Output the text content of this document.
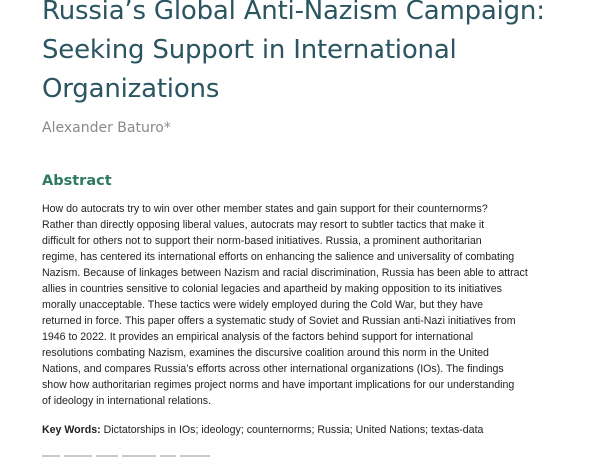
Russia’s Global Anti-Nazism Campaign:
Seeking Support in International
Organizations

Alexander Baturo*

Abstract
How do autocrats try to win over other member states and gain support for their counternorms?
Rather than directly opposing liberal values, autocrats may resort to subtler tactics that make it
difficult for others not to support their norm-based initiatives. Russia, a prominent authoritarian
regime, has centered its international efforts on enhancing the salience and universality of combating
Nazism. Because of linkages between Nazism and racial discrimination, Russia has been able to attract
allies in countries sensitive to colonial legacies and apartheid by making opposition to its initiatives
morally unacceptable. These tactics were widely employed during the Cold War, but they have
returned in force. This paper offers a systematic study of Soviet and Russian anti-Nazi initiatives from
1946 to 2022. It provides an empirical analysis of the factors behind support for international
resolutions combating Nazism, examines the discursive coalition around this norm in the United
Nations, and compares Russia’s efforts across other international organizations (IOs). The findings
show how authoritarian regimes project norms and have important implications for our understanding
of ideology in international relations.

Key Words: Dictatorships in IOs; ideology; counternorms; Russia; United Nations; textas-data
